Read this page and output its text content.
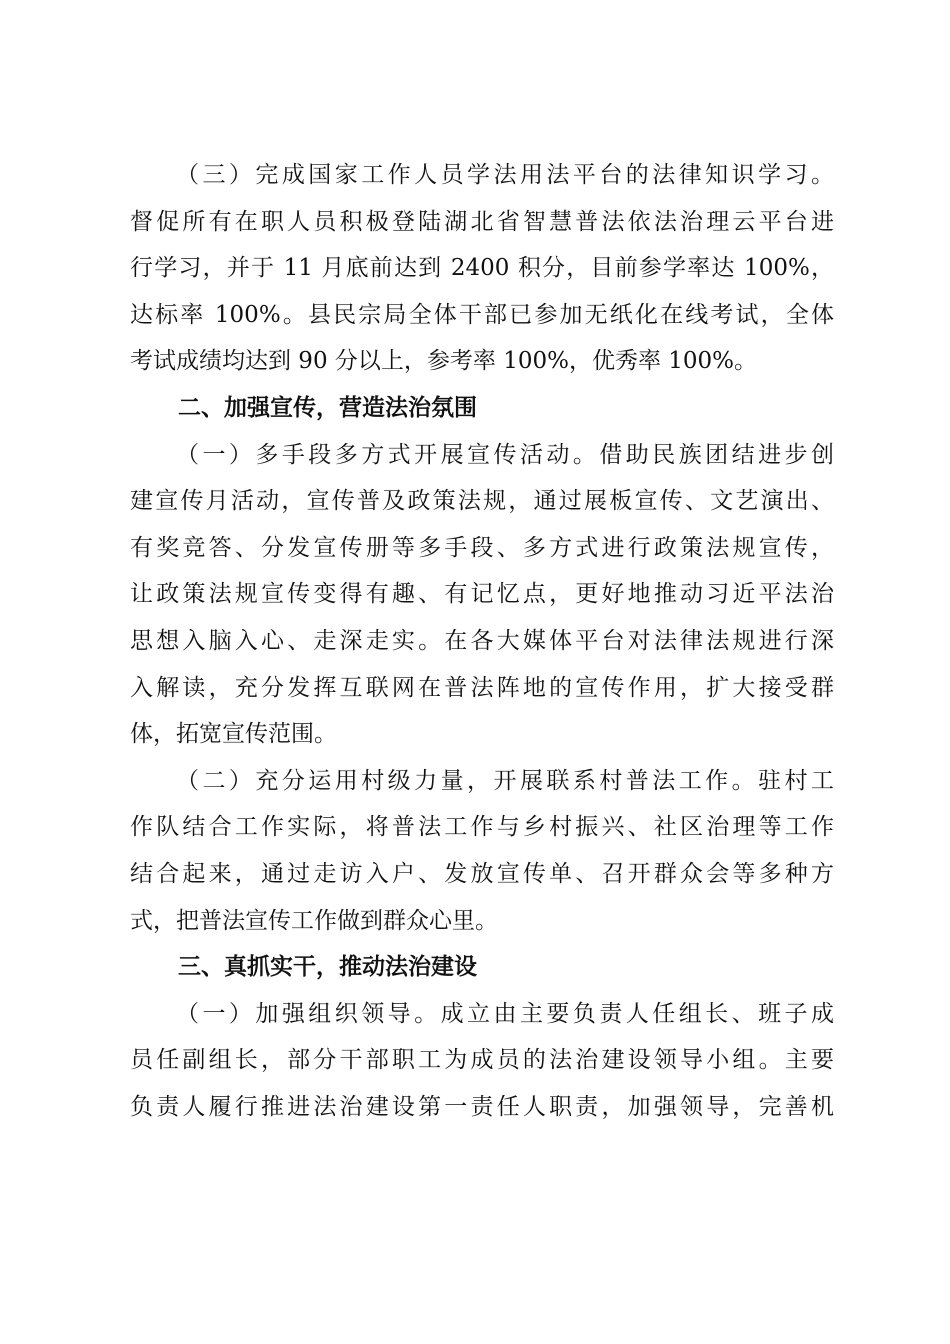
（三）完成国家工作人员学法用法平台的法律知识学习。
督促所有在职人员积极登陆湖北省智慧普法依法治理云平台进
行学习，并于 11 月底前达到 2400 积分，目前参学率达 100%，
达标率 100%。县民宗局全体干部已参加无纸化在线考试，全体
考试成绩均达到 90 分以上，参考率 100%，优秀率 100%。
二、加强宣传，营造法治氛围
（一）多手段多方式开展宣传活动。借助民族团结进步创
建宣传月活动，宣传普及政策法规，通过展板宣传、文艺演出、
有奖竞答、分发宣传册等多手段、多方式进行政策法规宣传，
让政策法规宣传变得有趣、有记忆点，更好地推动习近平法治
思想入脑入心、走深走实。在各大媒体平台对法律法规进行深
入解读，充分发挥互联网在普法阵地的宣传作用，扩大接受群
体，拓宽宣传范围。
（二）充分运用村级力量，开展联系村普法工作。驻村工
作队结合工作实际，将普法工作与乡村振兴、社区治理等工作
结合起来，通过走访入户、发放宣传单、召开群众会等多种方
式，把普法宣传工作做到群众心里。
三、真抓实干，推动法治建设
（一）加强组织领导。成立由主要负责人任组长、班子成
员任副组长，部分干部职工为成员的法治建设领导小组。主要
负责人履行推进法治建设第一责任人职责，加强领导，完善机
